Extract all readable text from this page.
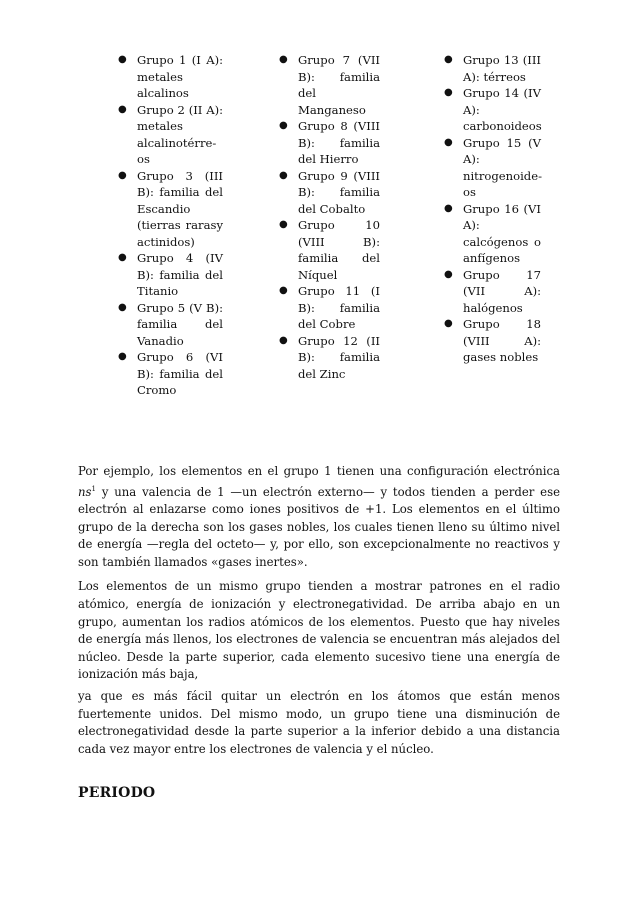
● Grupo 1 (I A): metales alcalinos
● Grupo 2 (II A): metales alcalinotérreos
● Grupo 3 (III B): familia del Escandio (tierras rarasy actinidos)
● Grupo 4 (IV B): familia del Titanio
● Grupo 5 (V B): familia del Vanadio
● Grupo 6 (VI B): familia del Cromo
● Grupo 7 (VII B): familia del Manganeso
● Grupo 8 (VIII B): familia del Hierro
● Grupo 9 (VIII B): familia del Cobalto
● Grupo 10 (VIII B): familia del Níquel
● Grupo 11 (I B): familia del Cobre
● Grupo 12 (II B): familia del Zinc
● Grupo 13 (III A): térreos
● Grupo 14 (IV A): carbonoideos
● Grupo 15 (V A): nitrogenoideos
● Grupo 16 (VI A): calcógenos o anfígenos
● Grupo 17 (VII A): halógenos
● Grupo 18 (VIII A): gases nobles

Por ejemplo, los elementos en el grupo 1 tienen una configuración electrónica $ns^1$ y una valencia de 1 —un electrón externo— y todos tienden a perder ese electrón al enlazarse como iones positivos de +1. Los elementos en el último grupo de la derecha son los gases nobles, los cuales tienen lleno su último nivel de energía —regla del octeto— y, por ello, son excepcionalmente no reactivos y son también llamados «gases inertes».

Los elementos de un mismo grupo tienden a mostrar patrones en el radio atómico, energía de ionización y electronegatividad. De arriba abajo en un grupo, aumentan los radios atómicos de los elementos. Puesto que hay niveles de energía más llenos, los electrones de valencia se encuentran más alejados del núcleo. Desde la parte superior, cada elemento sucesivo tiene una energía de ionización más baja,

ya que es más fácil quitar un electrón en los átomos que están menos fuertemente unidos. Del mismo modo, un grupo tiene una disminución de electronegatividad desde la parte superior a la inferior debido a una distancia cada vez mayor entre los electrones de valencia y el núcleo.

PERIODO
